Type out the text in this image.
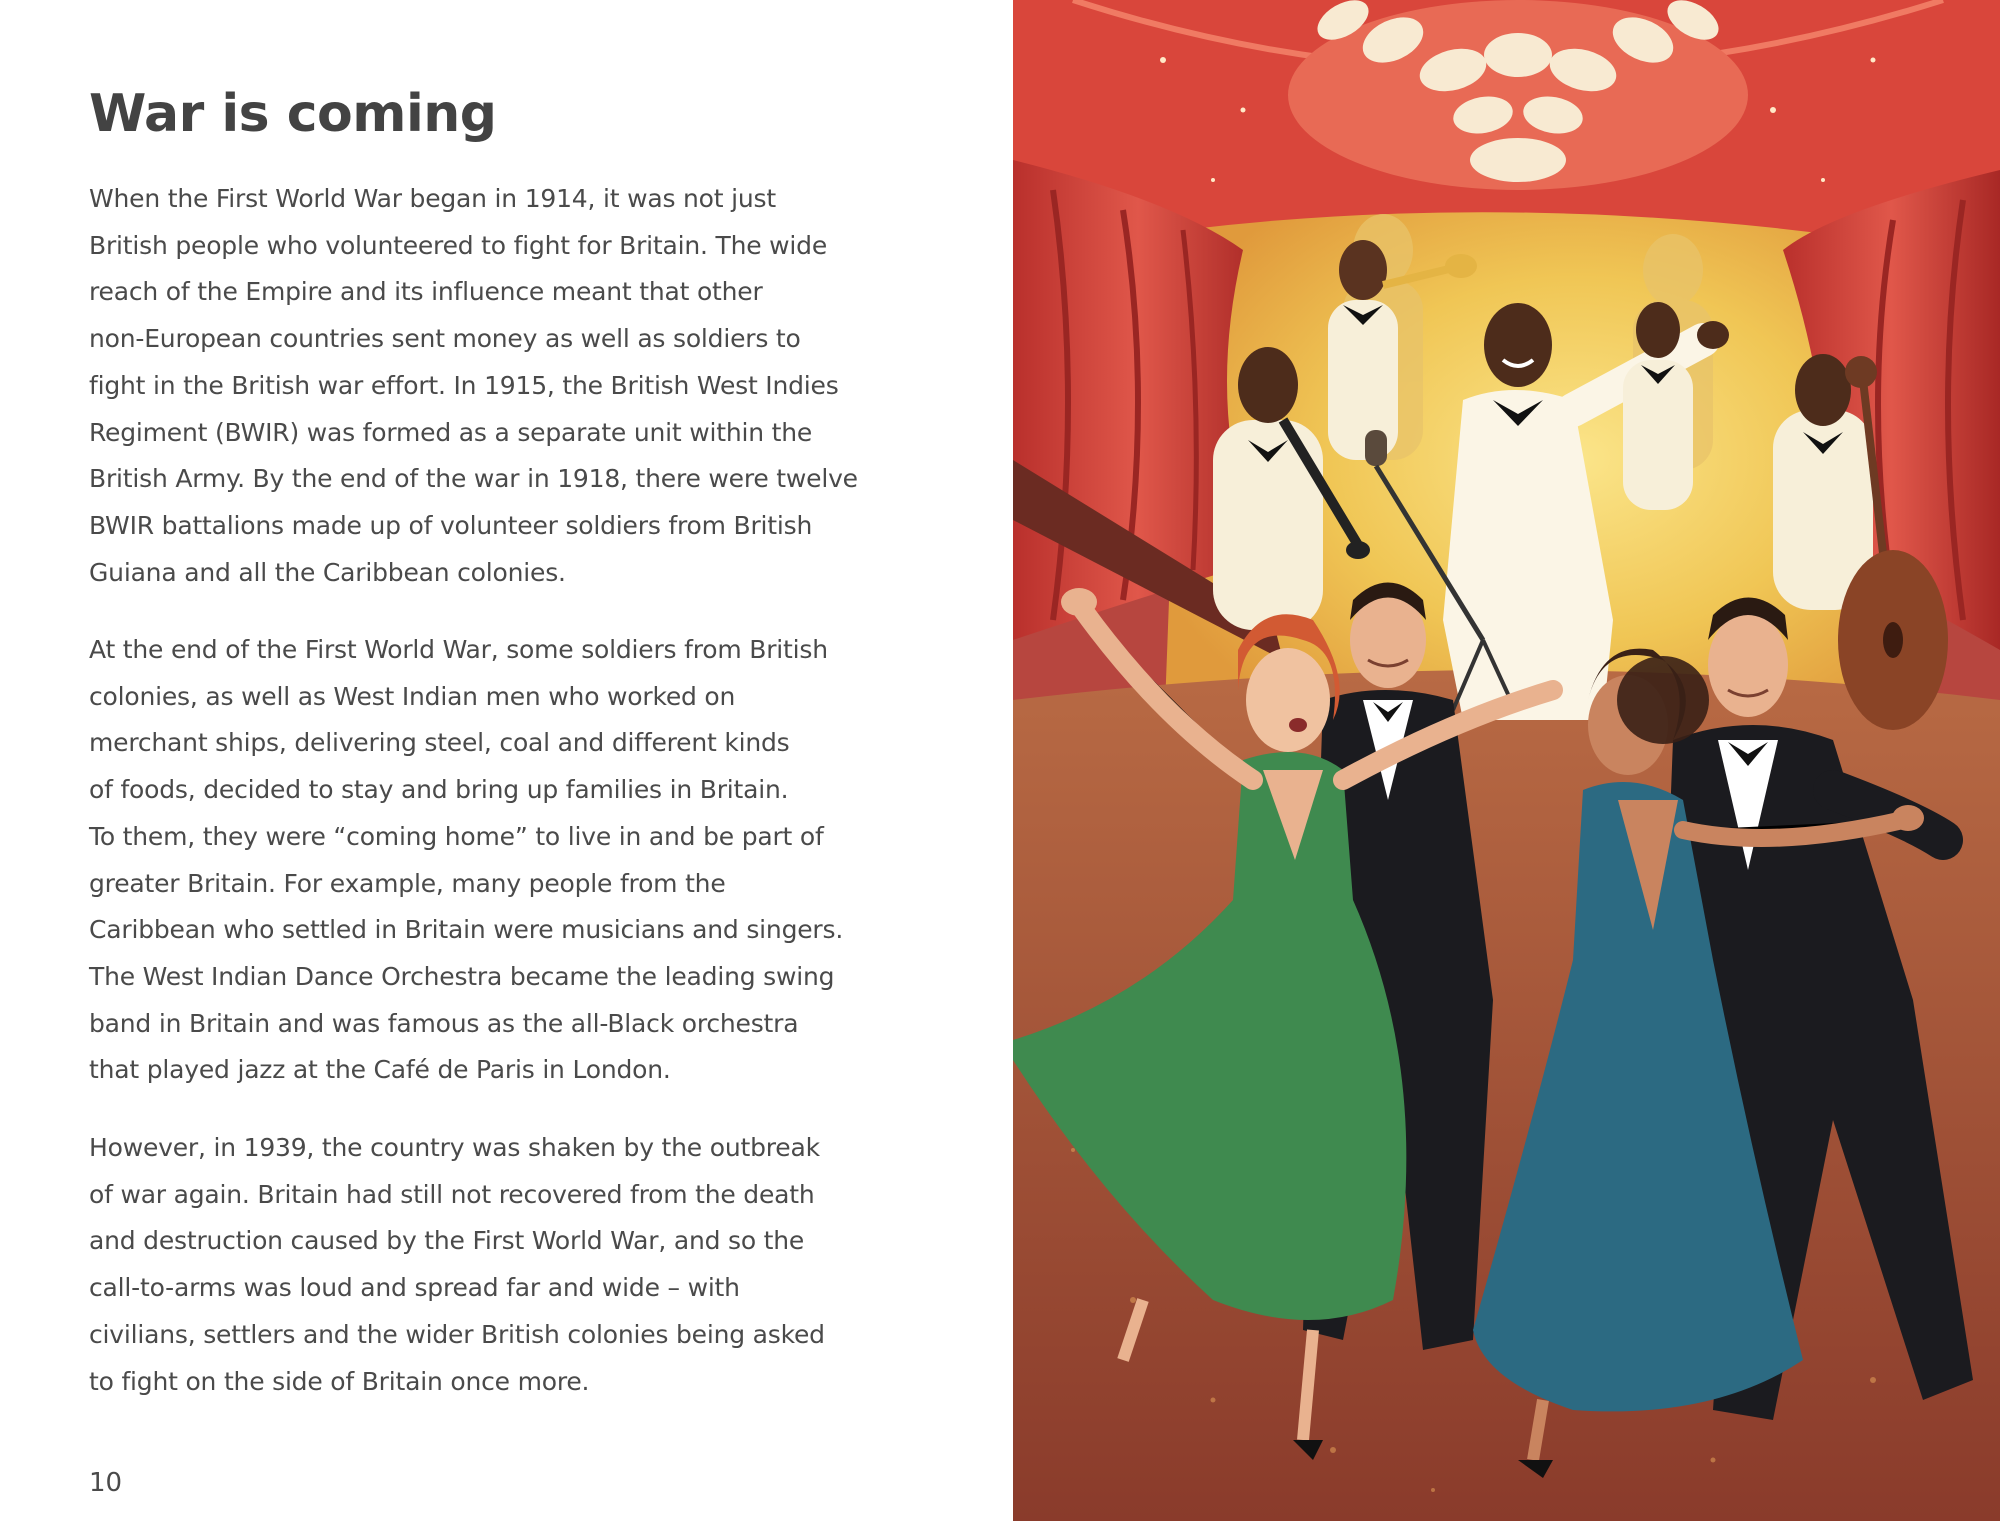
War is coming

When the First World War began in 1914, it was not just
British people who volunteered to fight for Britain. The wide
reach of the Empire and its influence meant that other
non-European countries sent money as well as soldiers to
fight in the British war effort. In 1915, the British West Indies
Regiment (BWIR) was formed as a separate unit within the
British Army. By the end of the war in 1918, there were twelve
BWIR battalions made up of volunteer soldiers from British
Guiana and all the Caribbean colonies.

At the end of the First World War, some soldiers from British
colonies, as well as West Indian men who worked on
merchant ships, delivering steel, coal and different kinds
of foods, decided to stay and bring up families in Britain.
To them, they were “coming home” to live in and be part of
greater Britain. For example, many people from the
Caribbean who settled in Britain were musicians and singers.
The West Indian Dance Orchestra became the leading swing
band in Britain and was famous as the all-Black orchestra
that played jazz at the Café de Paris in London.

However, in 1939, the country was shaken by the outbreak
of war again. Britain had still not recovered from the death
and destruction caused by the First World War, and so the
call-to-arms was loud and spread far and wide – with
civilians, settlers and the wider British colonies being asked
to fight on the side of Britain once more.

10
